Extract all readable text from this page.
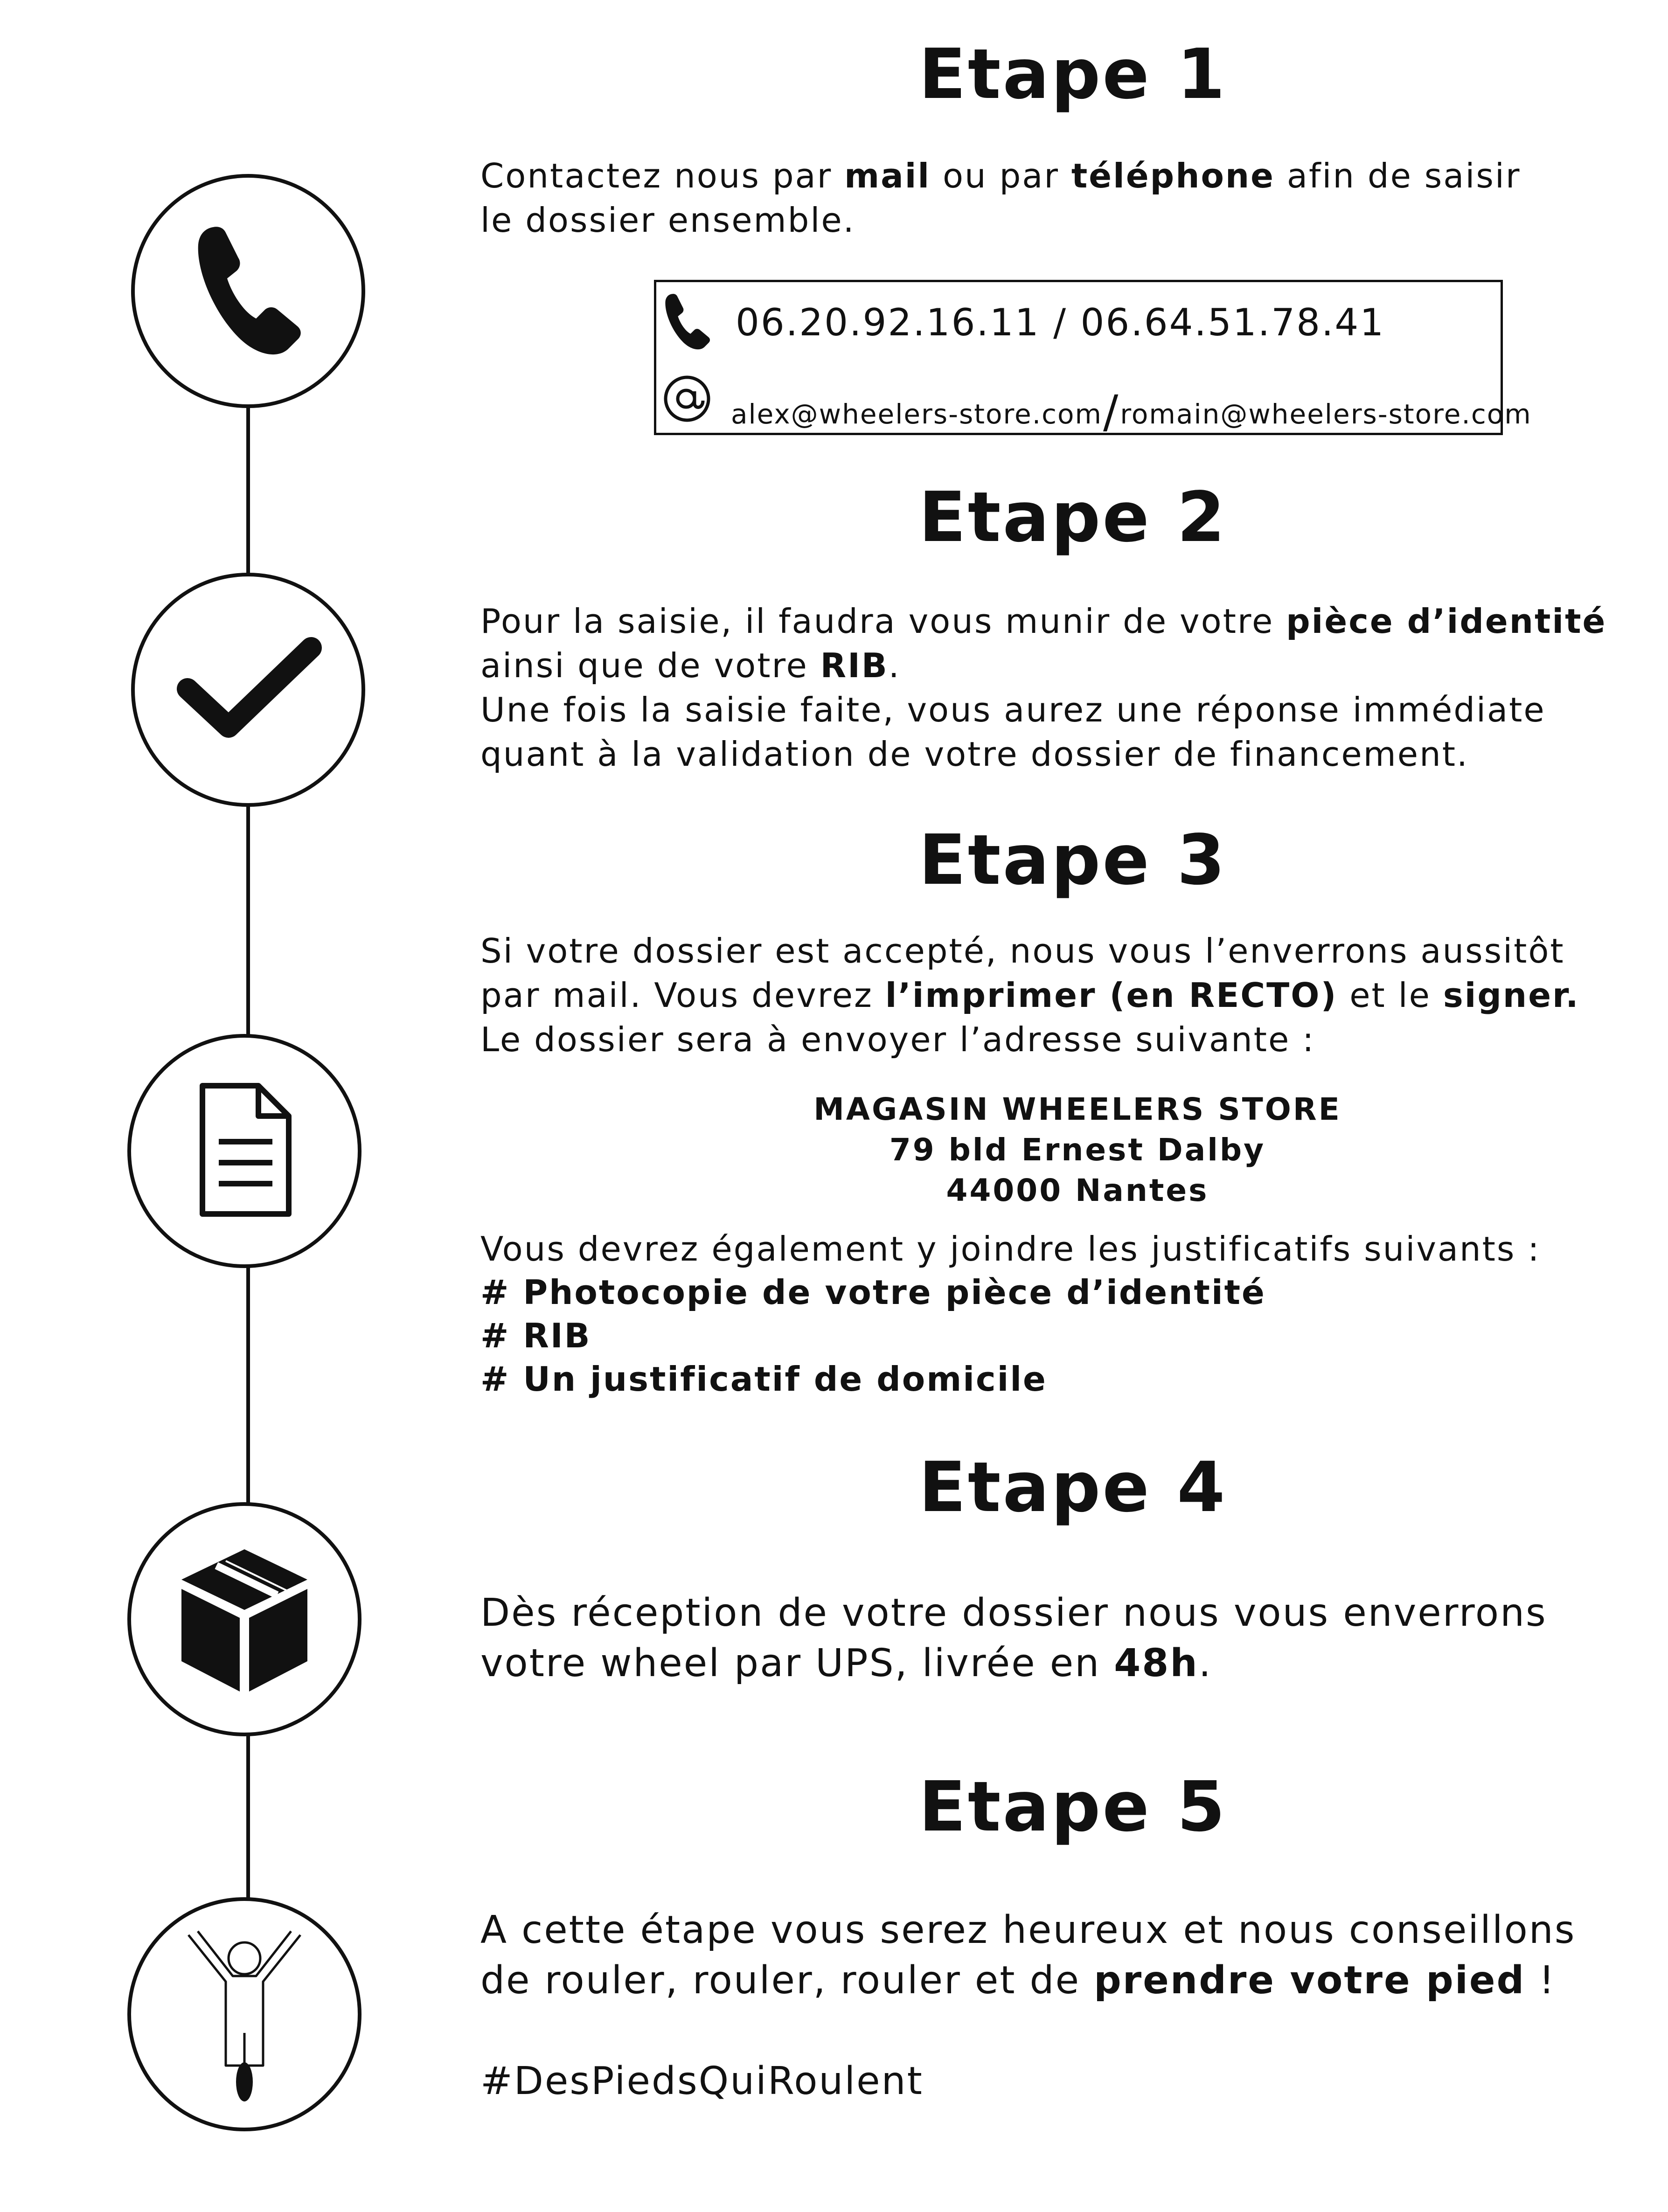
Etape 1

Contactez nous par mail ou par téléphone afin de saisir le dossier ensemble.

06.20.92.16.11 / 06.64.51.78.41
alex@wheelers-store.com/romain@wheelers-store.com
Etape 2

Pour la saisie, il faudra vous munir de votre pièce d’identité ainsi que de votre RIB.
Une fois la saisie faite, vous aurez une réponse immédiate quant à la validation de votre dossier de financement.

Etape 3

Si votre dossier est accepté, nous vous l’enverrons aussitôt par mail. Vous devrez l’imprimer (en RECTO) et le signer.
Le dossier sera à envoyer l’adresse suivante :

MAGASIN WHEELERS STORE
79 bld Ernest Dalby
44000 Nantes
Vous devrez également y joindre les justificatifs suivants :
# Photocopie de votre pièce d’identité
# RIB
# Un justificatif de domicile
Etape 4

Dès réception de votre dossier nous vous enverrons votre wheel par UPS, livrée en 48h.

Etape 5

A cette étape vous serez heureux et nous conseillons de rouler, rouler, rouler et de prendre votre pied !

#DesPiedsQuiRoulent
